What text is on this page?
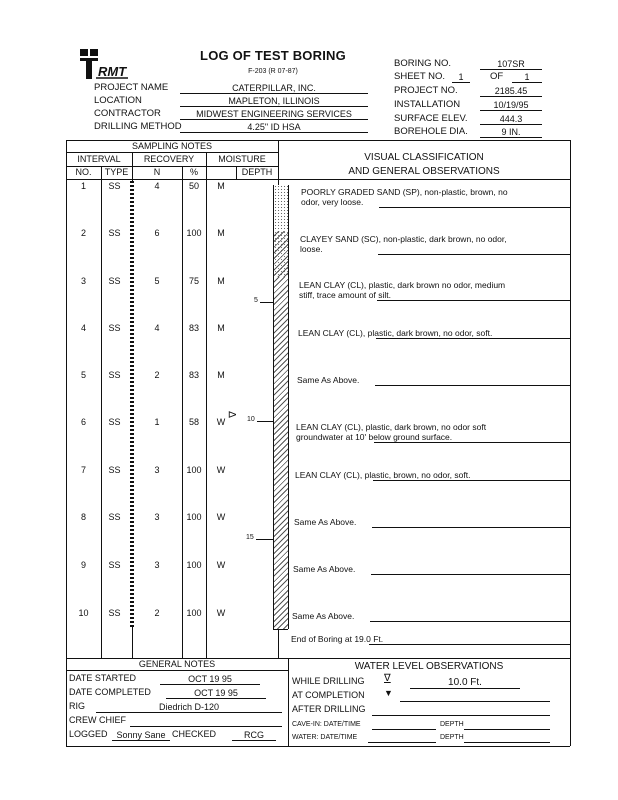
RMT
LOG OF TEST BORING
F-203 (R 07-87)
PROJECT NAME	CATERPILLAR, INC.
LOCATION	MAPLETON, ILLINOIS
CONTRACTOR	MIDWEST ENGINEERING SERVICES
DRILLING METHOD	4.25" ID HSA
BORING NO.	107SR
SHEET NO.	1	OF	1
PROJECT NO.	2185.45
INSTALLATION	10/19/95
SURFACE ELEV.	444.3
BOREHOLE DIA.	9 IN.
SAMPLING NOTES
INTERVAL	RECOVERY	MOISTURE
NO.	TYPE	N	%	DEPTH
VISUAL CLASSIFICATION
AND GENERAL OBSERVATIONS
5
10
15
∇
1	SS	4	50	M
2	SS	6	100	M
3	SS	5	75	M
4	SS	4	83	M
5	SS	2	83	M
6	SS	1	58	W
7	SS	3	100	W
8	SS	3	100	W
9	SS	3	100	W
10	SS	2	100	W
POORLY GRADED SAND (SP), non-plastic, brown, no
odor, very loose.
CLAYEY SAND (SC), non-plastic, dark brown, no odor,
loose.
LEAN CLAY (CL), plastic, dark brown no odor, medium
stiff, trace amount of silt.
LEAN CLAY (CL), plastic, dark brown, no odor, soft.
Same As Above.
LEAN CLAY (CL), plastic, dark brown, no odor soft
groundwater at 10' below ground surface.
LEAN CLAY (CL), plastic, brown, no odor, soft.
Same As Above.
Same As Above.
Same As Above.
End of Boring at 19.0 Ft.
GENERAL NOTES
DATE STARTED	OCT 19 95
DATE COMPLETED	OCT 19 95
RIG	Diedrich D-120
CREW CHIEF
LOGGED Sonny Sane CHECKED	RCG
WATER LEVEL OBSERVATIONS
WHILE DRILLING ∇	10.0 Ft.
AT COMPLETION ▼
AFTER DRILLING
CAVE-IN: DATE/TIME	DEPTH
WATER: DATE/TIME	DEPTH
